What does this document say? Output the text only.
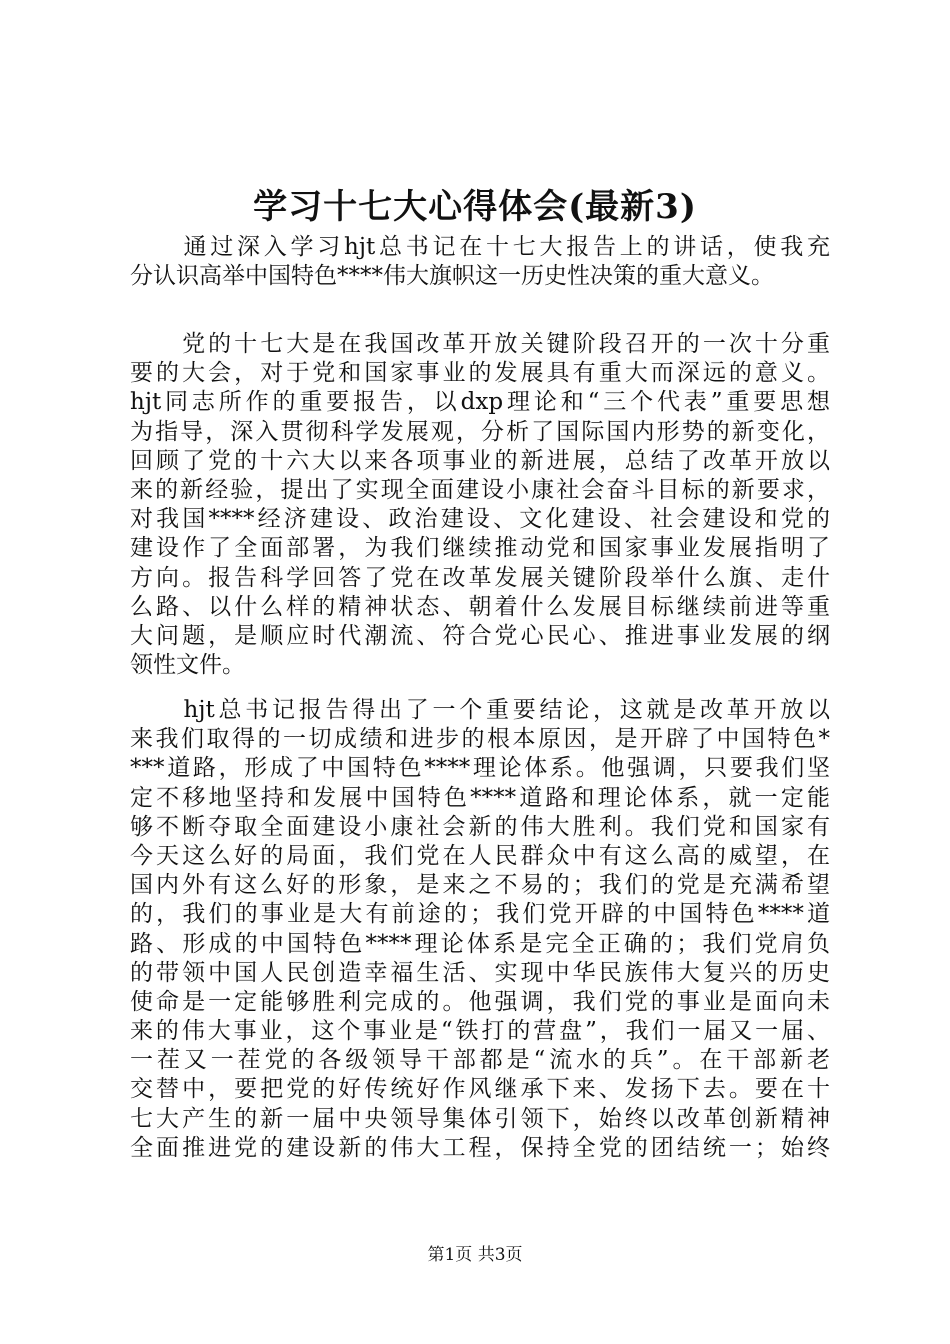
学习十七大心得体会(最新3)
　　通过深入学习hjt总书记在十七大报告上的讲话，使我充
分认识高举中国特色****伟大旗帜这一历史性决策的重大意义。
　　党的十七大是在我国改革开放关键阶段召开的一次十分重
要的大会，对于党和国家事业的发展具有重大而深远的意义。
hjt同志所作的重要报告，以dxp理论和“三个代表”重要思想
为指导，深入贯彻科学发展观，分析了国际国内形势的新变化，
回顾了党的十六大以来各项事业的新进展，总结了改革开放以
来的新经验，提出了实现全面建设小康社会奋斗目标的新要求，
对我国****经济建设、政治建设、文化建设、社会建设和党的
建设作了全面部署，为我们继续推动党和国家事业发展指明了
方向。报告科学回答了党在改革发展关键阶段举什么旗、走什
么路、以什么样的精神状态、朝着什么发展目标继续前进等重
大问题，是顺应时代潮流、符合党心民心、推进事业发展的纲
领性文件。
　　hjt总书记报告得出了一个重要结论，这就是改革开放以
来我们取得的一切成绩和进步的根本原因，是开辟了中国特色*
***道路，形成了中国特色****理论体系。他强调，只要我们坚
定不移地坚持和发展中国特色****道路和理论体系，就一定能
够不断夺取全面建设小康社会新的伟大胜利。我们党和国家有
今天这么好的局面，我们党在人民群众中有这么高的威望，在
国内外有这么好的形象，是来之不易的；我们的党是充满希望
的，我们的事业是大有前途的；我们党开辟的中国特色****道
路、形成的中国特色****理论体系是完全正确的；我们党肩负
的带领中国人民创造幸福生活、实现中华民族伟大复兴的历史
使命是一定能够胜利完成的。他强调，我们党的事业是面向未
来的伟大事业，这个事业是“铁打的营盘”，我们一届又一届、
一茬又一茬党的各级领导干部都是“流水的兵”。在干部新老
交替中，要把党的好传统好作风继承下来、发扬下去。要在十
七大产生的新一届中央领导集体引领下，始终以改革创新精神
全面推进党的建设新的伟大工程，保持全党的团结统一；始终

第1页 共3页
